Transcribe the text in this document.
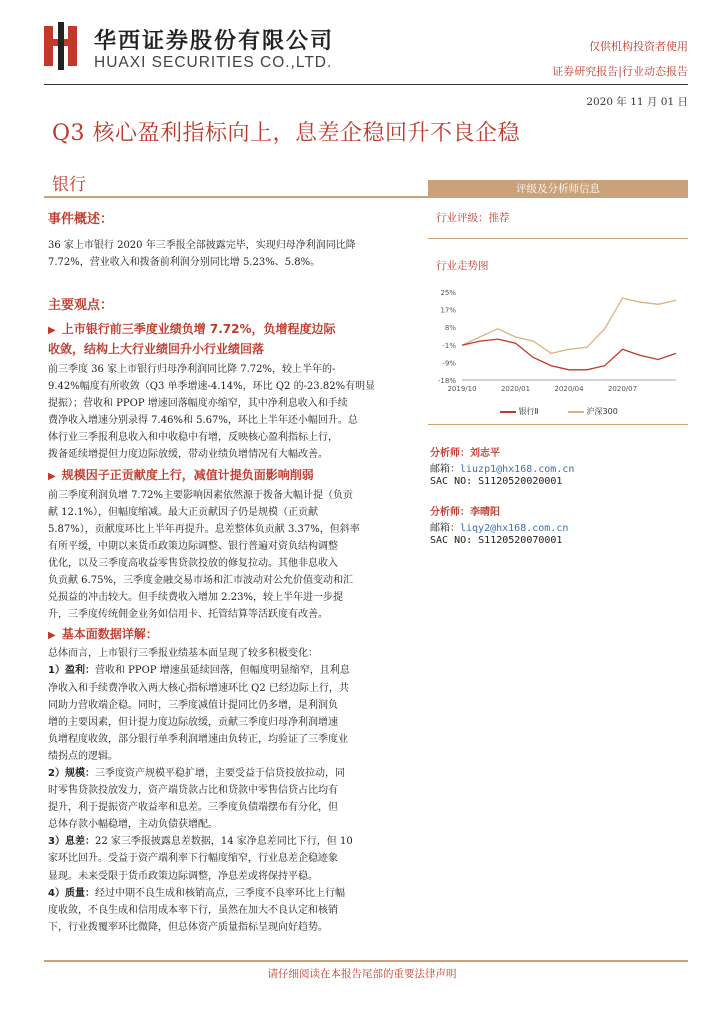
华西证券股份有限公司
HUAXI SECURITIES CO.,LTD.
仅供机构投资者使用
证券研究报告|行业动态报告
2020 年 11 月 01 日
Q3 核心盈利指标向上，息差企稳回升不良企稳
银行
事件概述：
36 家上市银行 2020 年三季报全部披露完毕，实现归母净利润同比降
7.72%，营业收入和拨备前利润分别同比增 5.23%、5.8%。
主要观点：
▶ 上市银行前三季度业绩负增 7.72%，负增程度边际
收敛，结构上大行业绩回升小行业绩回落
前三季度 36 家上市银行归母净利润同比降 7.72%，较上半年的-
9.42%幅度有所收敛（Q3 单季增速-4.14%，环比 Q2 的-23.82%有明显
提振）；营收和 PPOP 增速回落幅度亦缩窄，其中净利息收入和手续
费净收入增速分别录得 7.46%和 5.67%，环比上半年还小幅回升。总
体行业三季报利息收入和中收稳中有增，反映核心盈利指标上行，
拨备延续增提但力度边际放缓，带动业绩负增情况有大幅改善。
▶ 规模因子正贡献度上行，减值计提负面影响削弱
前三季度利润负增 7.72%主要影响因素依然源于拨备大幅计提（负贡
献 12.1%），但幅度缩减。最大正贡献因子仍是规模（正贡献
5.87%），贡献度环比上半年再提升。息差整体负贡献 3.37%，但斜率
有所平缓，中期以来货币政策边际调整、银行普遍对资负结构调整
优化，以及三季度高收益零售贷款投放的修复拉动。其他非息收入
负贡献 6.75%，三季度金融交易市场和汇市波动对公允价值变动和汇
兑损益的冲击较大。但手续费收入增加 2.23%，较上半年进一步提
升，三季度传统佣金业务如信用卡、托管结算等活跃度有改善。
▶ 基本面数据详解：
总体而言，上市银行三季报业绩基本面呈现了较多积极变化：
1）盈利：营收和 PPOP 增速虽延续回落，但幅度明显缩窄，且利息
净收入和手续费净收入两大核心指标增速环比 Q2 已经边际上行，共
同助力营收端企稳。同时，三季度减值计提同比仍多增，是利润负
增的主要因素，但计提力度边际放缓，贡献三季度归母净利润增速
负增程度收敛，部分银行单季利润增速由负转正，均验证了三季度业
绩拐点的逻辑。
2）规模：三季度资产规模平稳扩增，主要受益于信贷投放拉动，同
时零售贷款投放发力，资产端贷款占比和贷款中零售信贷占比均有
提升，利于提振资产收益率和息差。三季度负债端摆布有分化，但
总体存款小幅稳增，主动负债获增配。
3）息差：22 家三季报披露息差数据，14 家净息差同比下行，但 10
家环比回升。受益于资产端利率下行幅度缩窄，行业息差企稳迹象
显现。未来受限于货币政策边际调整，净息差或将保持平稳。
4）质量：经过中期不良生成和核销高点，三季度不良率环比上行幅
度收敛，不良生成和信用成本率下行，虽然在加大不良认定和核销
下，行业拨覆率环比微降，但总体资产质量指标呈现向好趋势。
评级及分析师信息
行业评级：推荐
行业走势图
25%
17%
8%
-1%
-9%
-18%
2019/10	2020/01	2020/04	2020/07
银行Ⅱ	沪深300
分析师：刘志平
邮箱：liuzp1@hx168.com.cn
SAC NO: S1120520020001
分析师：李晴阳
邮箱：liqy2@hx168.com.cn
SAC NO: S1120520070001
请仔细阅读在本报告尾部的重要法律声明
